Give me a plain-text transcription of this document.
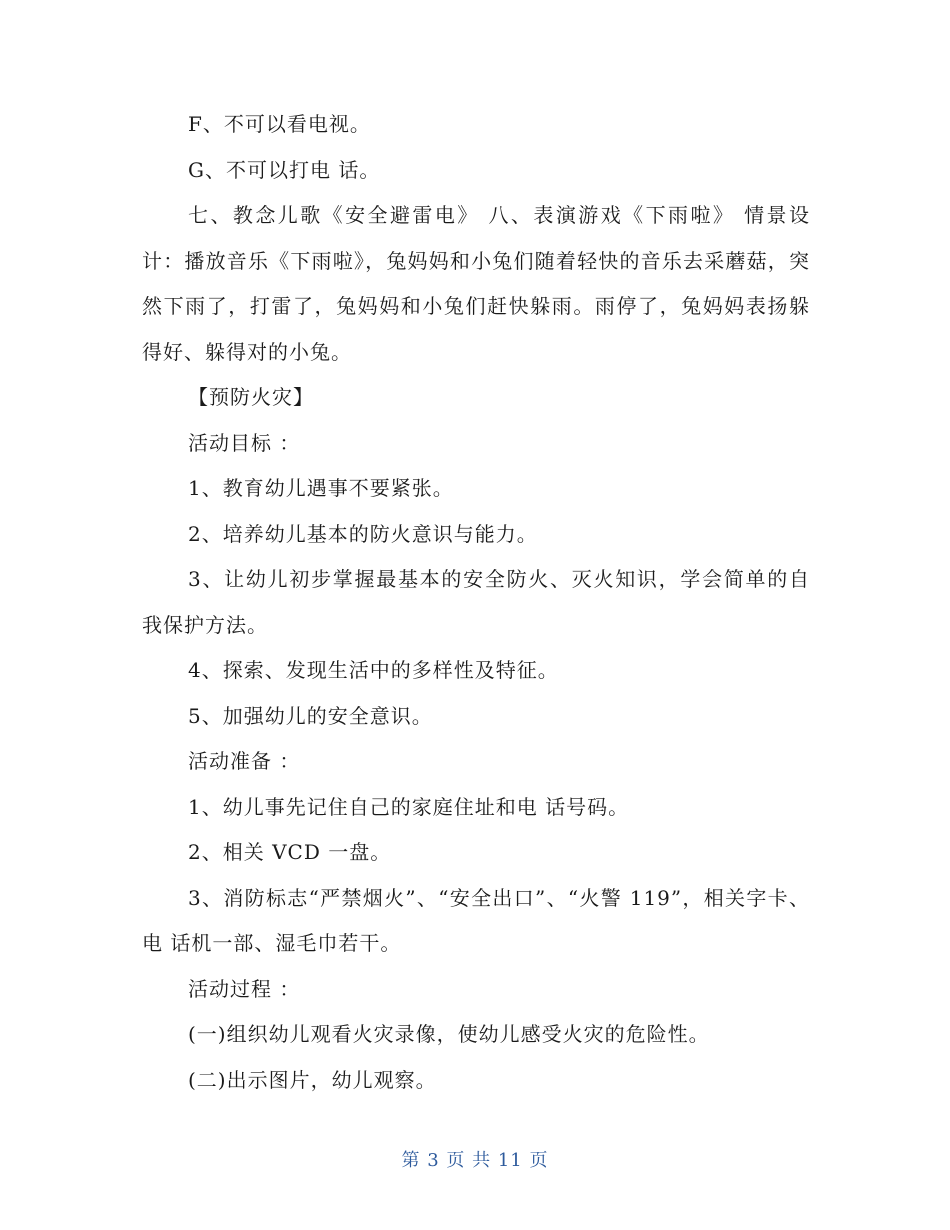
F、不可以看电视。

G、不可以打电 话。

七、教念儿歌《安全避雷电》 八、表演游戏《下雨啦》 情景设计：播放音乐《下雨啦》，兔妈妈和小兔们随着轻快的音乐去采蘑菇，突然下雨了，打雷了，兔妈妈和小兔们赶快躲雨。雨停了，兔妈妈表扬躲得好、躲得对的小兔。

【预防火灾】

活动目标 ：

1、教育幼儿遇事不要紧张。

2、培养幼儿基本的防火意识与能力。

3、让幼儿初步掌握最基本的安全防火、灭火知识，学会简单的自我保护方法。

4、探索、发现生活中的多样性及特征。

5、加强幼儿的安全意识。

活动准备 ：

1、幼儿事先记住自己的家庭住址和电 话号码。

2、相关 VCD 一盘。

3、消防标志“严禁烟火”、“安全出口”、“火警 119”，相关字卡、电 话机一部、湿毛巾若干。

活动过程 ：

(一)组织幼儿观看火灾录像，使幼儿感受火灾的危险性。

(二)出示图片，幼儿观察。

第 3 页 共 11 页
